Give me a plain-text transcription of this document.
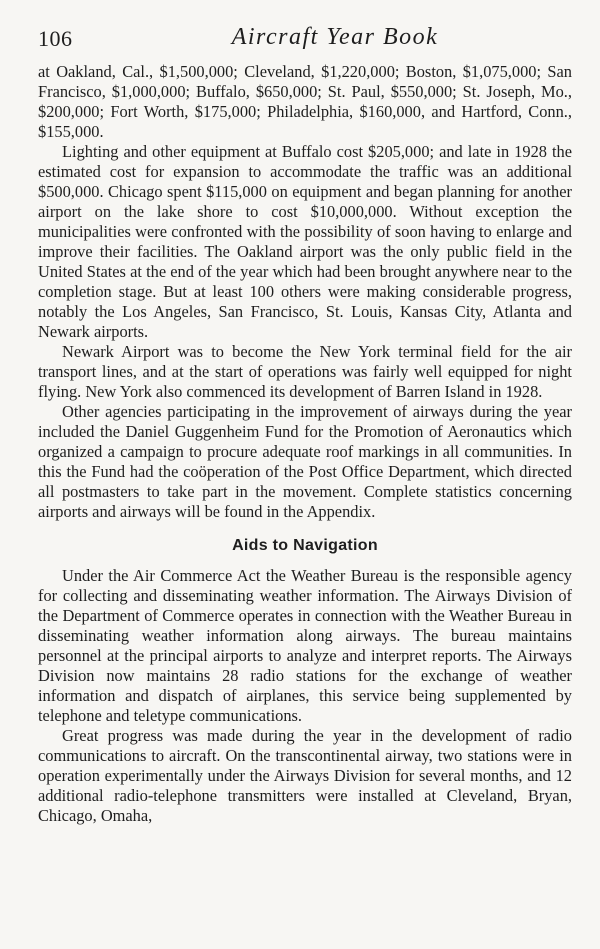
106	Aircraft Year Book

at Oakland, Cal., $1,500,000; Cleveland, $1,220,000; Boston, $1,075,000; San Francisco, $1,000,000; Buffalo, $650,000; St. Paul, $550,000; St. Joseph, Mo., $200,000; Fort Worth, $175,000; Philadelphia, $160,000, and Hartford, Conn., $155,000.

Lighting and other equipment at Buffalo cost $205,000; and late in 1928 the estimated cost for expansion to accommodate the traffic was an additional $500,000. Chicago spent $115,000 on equipment and began planning for another airport on the lake shore to cost $10,000,000. Without exception the municipalities were confronted with the possibility of soon having to enlarge and improve their facilities. The Oakland airport was the only public field in the United States at the end of the year which had been brought anywhere near to the completion stage. But at least 100 others were making considerable progress, notably the Los Angeles, San Francisco, St. Louis, Kansas City, Atlanta and Newark airports.

Newark Airport was to become the New York terminal field for the air transport lines, and at the start of operations was fairly well equipped for night flying. New York also commenced its development of Barren Island in 1928.

Other agencies participating in the improvement of airways during the year included the Daniel Guggenheim Fund for the Promotion of Aeronautics which organized a campaign to procure adequate roof markings in all communities. In this the Fund had the coöperation of the Post Office Department, which directed all postmasters to take part in the movement. Complete statistics concerning airports and airways will be found in the Appendix.

Aids to Navigation

Under the Air Commerce Act the Weather Bureau is the responsible agency for collecting and disseminating weather information. The Airways Division of the Department of Commerce operates in connection with the Weather Bureau in disseminating weather information along airways. The bureau maintains personnel at the principal airports to analyze and interpret reports. The Airways Division now maintains 28 radio stations for the exchange of weather information and dispatch of airplanes, this service being supplemented by telephone and teletype communications.

Great progress was made during the year in the development of radio communications to aircraft. On the transcontinental airway, two stations were in operation experimentally under the Airways Division for several months, and 12 additional radio-telephone transmitters were installed at Cleveland, Bryan, Chicago, Omaha,
